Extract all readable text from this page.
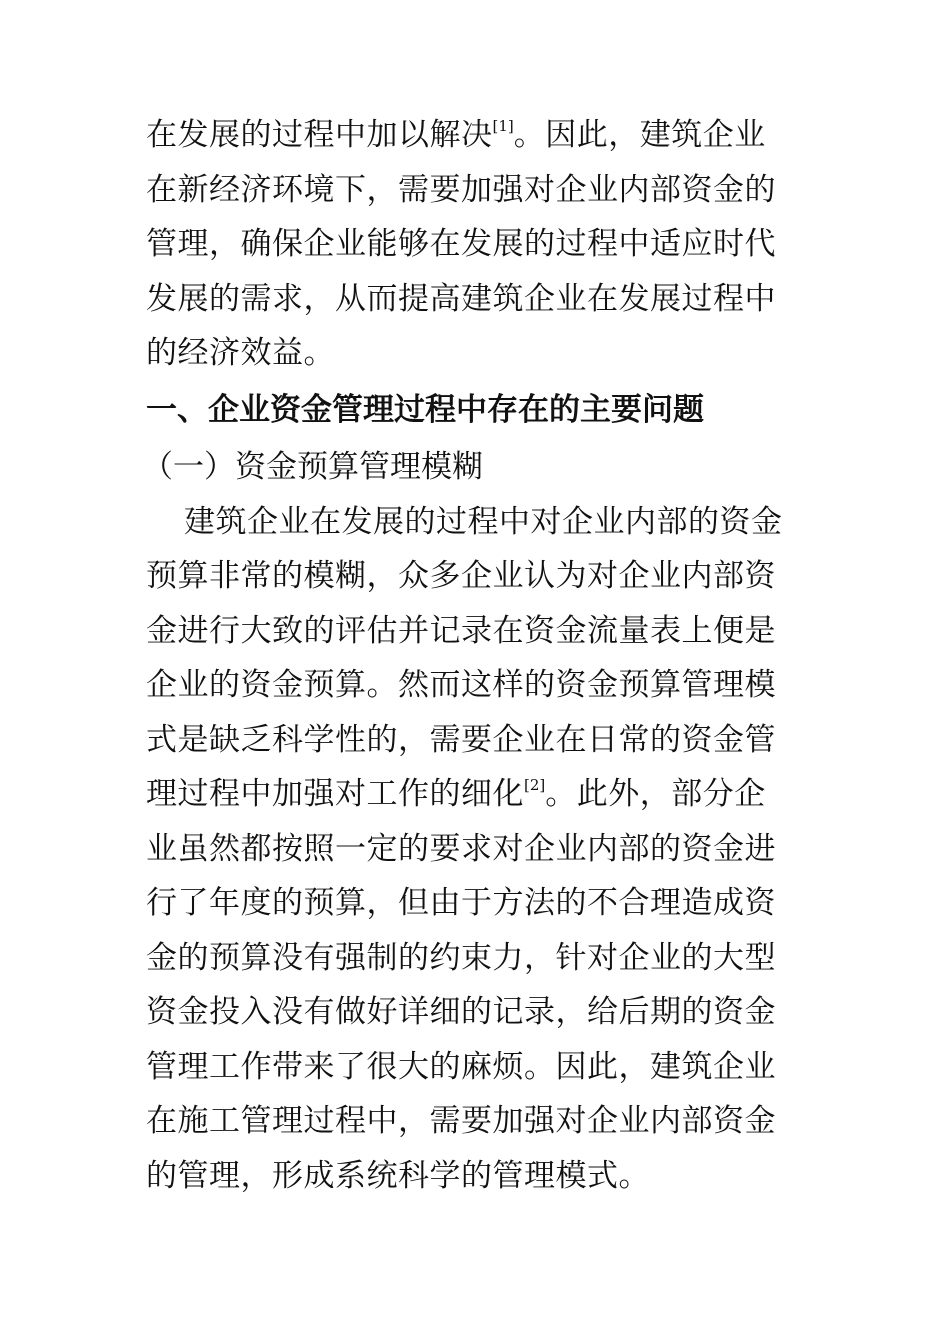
在发展的过程中加以解决[1]。因此，建筑企业
在新经济环境下，需要加强对企业内部资金的
管理，确保企业能够在发展的过程中适应时代
发展的需求，从而提高建筑企业在发展过程中
的经济效益。
一、企业资金管理过程中存在的主要问题
（一）资金预算管理模糊
建筑企业在发展的过程中对企业内部的资金
预算非常的模糊，众多企业认为对企业内部资
金进行大致的评估并记录在资金流量表上便是
企业的资金预算。然而这样的资金预算管理模
式是缺乏科学性的，需要企业在日常的资金管
理过程中加强对工作的细化[2]。此外，部分企
业虽然都按照一定的要求对企业内部的资金进
行了年度的预算，但由于方法的不合理造成资
金的预算没有强制的约束力，针对企业的大型
资金投入没有做好详细的记录，给后期的资金
管理工作带来了很大的麻烦。因此，建筑企业
在施工管理过程中，需要加强对企业内部资金
的管理，形成系统科学的管理模式。
